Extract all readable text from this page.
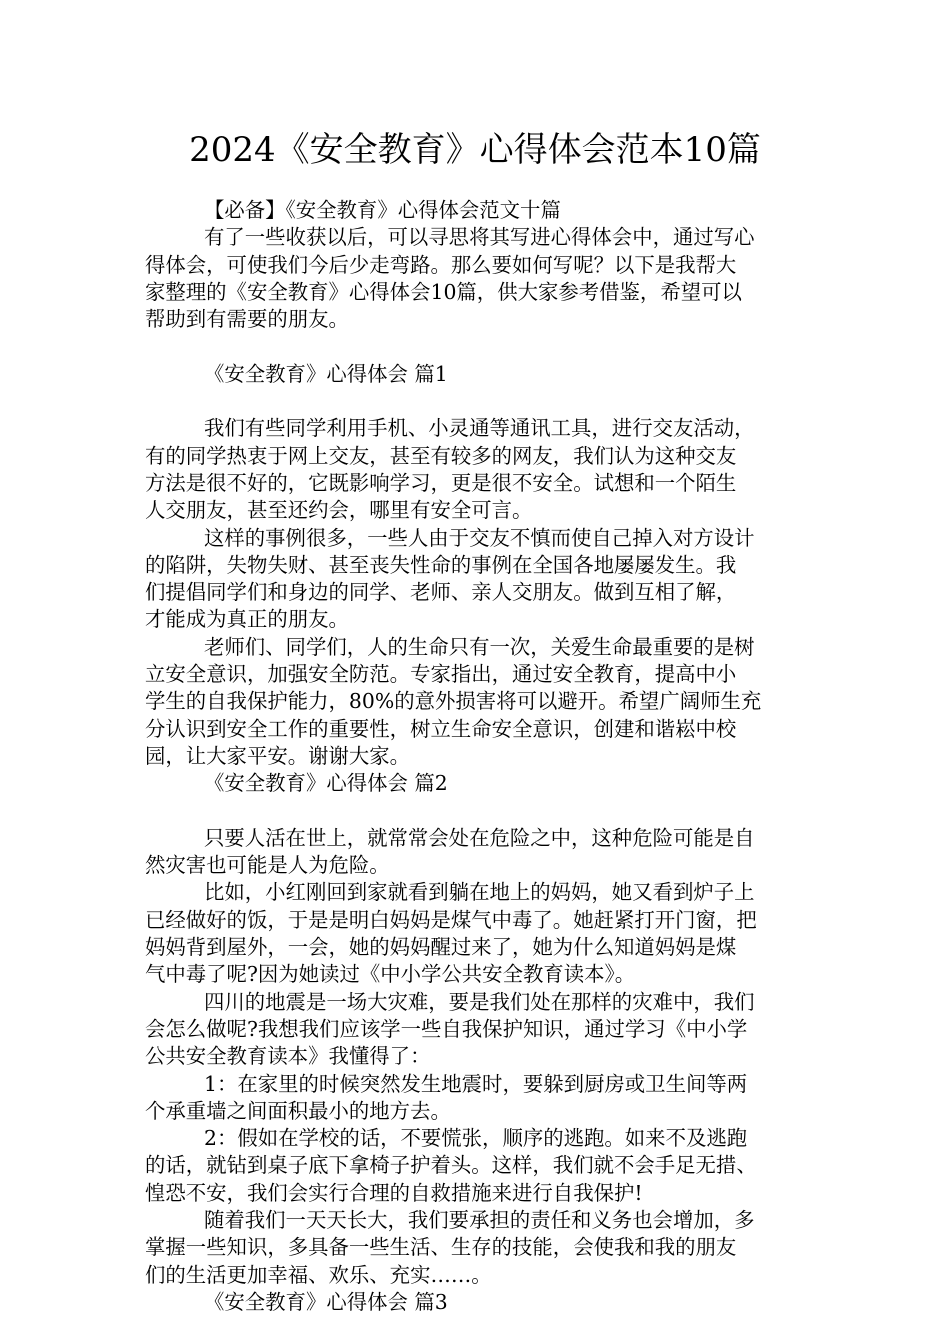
2024《安全教育》心得体会范本10篇
【必备】《安全教育》心得体会范文十篇
有了一些收获以后，可以寻思将其写进心得体会中，通过写心
得体会，可使我们今后少走弯路。那么要如何写呢？以下是我帮大
家整理的《安全教育》心得体会10篇，供大家参考借鉴，希望可以
帮助到有需要的朋友。
《安全教育》心得体会 篇1
我们有些同学利用手机、小灵通等通讯工具，进行交友活动，
有的同学热衷于网上交友，甚至有较多的网友，我们认为这种交友
方法是很不好的，它既影响学习，更是很不安全。试想和一个陌生
人交朋友，甚至还约会，哪里有安全可言。
这样的事例很多，一些人由于交友不慎而使自己掉入对方设计
的陷阱，失物失财、甚至丧失性命的事例在全国各地屡屡发生。我
们提倡同学们和身边的同学、老师、亲人交朋友。做到互相了解，
才能成为真正的朋友。
老师们、同学们，人的生命只有一次，关爱生命最重要的是树
立安全意识，加强安全防范。专家指出，通过安全教育，提高中小
学生的自我保护能力，80%的意外损害将可以避开。希望广阔师生充
分认识到安全工作的重要性，树立生命安全意识，创建和谐崧中校
园，让大家平安。谢谢大家。
《安全教育》心得体会 篇2
只要人活在世上，就常常会处在危险之中，这种危险可能是自
然灾害也可能是人为危险。
比如，小红刚回到家就看到躺在地上的妈妈，她又看到炉子上
已经做好的饭，于是是明白妈妈是煤气中毒了。她赶紧打开门窗，把
妈妈背到屋外，一会，她的妈妈醒过来了，她为什么知道妈妈是煤
气中毒了呢?因为她读过《中小学公共安全教育读本》。
四川的地震是一场大灾难，要是我们处在那样的灾难中，我们
会怎么做呢?我想我们应该学一些自我保护知识，通过学习《中小学
公共安全教育读本》我懂得了：
1：在家里的时候突然发生地震时，要躲到厨房或卫生间等两
个承重墙之间面积最小的地方去。
2：假如在学校的话，不要慌张，顺序的逃跑。如来不及逃跑
的话，就钻到桌子底下拿椅子护着头。这样，我们就不会手足无措、
惶恐不安，我们会实行合理的自救措施来进行自我保护!
随着我们一天天长大，我们要承担的责任和义务也会增加，多
掌握一些知识，多具备一些生活、生存的技能，会使我和我的朋友
们的生活更加幸福、欢乐、充实……。
《安全教育》心得体会 篇3
